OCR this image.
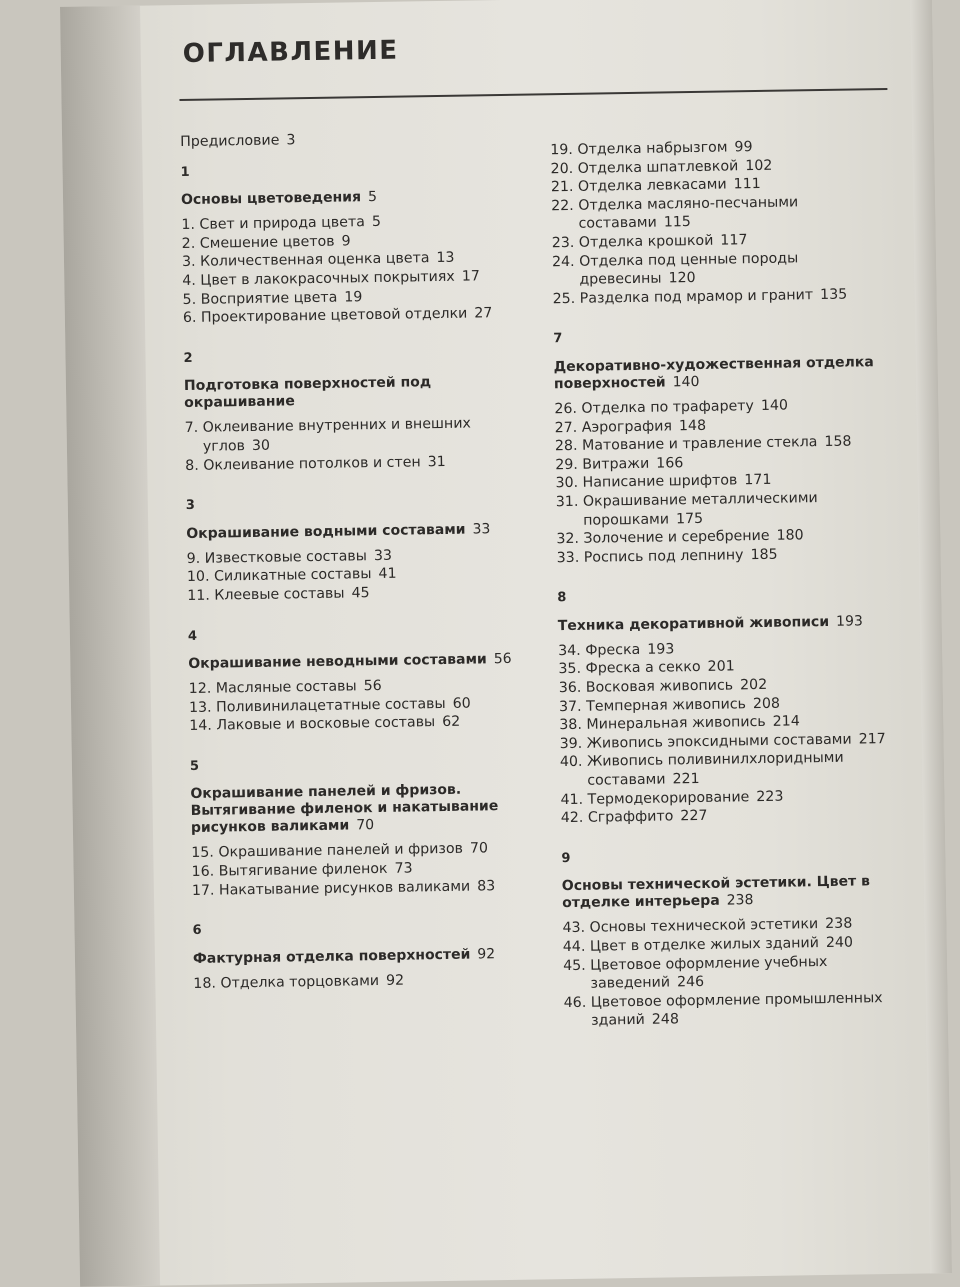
ОГЛАВЛЕНИЕ
Предисловие 3
1
Основы цветоведения 5
1. Свет и природа цвета 5
2. Смешение цветов 9
3. Количественная оценка цвета 13
4. Цвет в лакокрасочных покрытиях 17
5. Восприятие цвета 19
6. Проектирование цветовой отделки 27
2
Подготовка поверхностей под окрашивание
7. Оклеивание внутренних и внешних углов 30
8. Оклеивание потолков и стен 31
3
Окрашивание водными составами 33
9. Известковые составы 33
10. Силикатные составы 41
11. Клеевые составы 45
4
Окрашивание неводными составами 56
12. Масляные составы 56
13. Поливинилацетатные составы 60
14. Лаковые и восковые составы 62
5
Окрашивание панелей и фризов. Вытягивание филенок и накатывание рисунков валиками 70
15. Окрашивание панелей и фризов 70
16. Вытягивание филенок 73
17. Накатывание рисунков валиками 83
6
Фактурная отделка поверхностей 92
18. Отделка торцовками 92
19. Отделка набрызгом 99
20. Отделка шпатлевкой 102
21. Отделка левкасами 111
22. Отделка масляно-песчаными составами 115
23. Отделка крошкой 117
24. Отделка под ценные породы древесины 120
25. Разделка под мрамор и гранит 135
7
Декоративно-художественная отделка поверхностей 140
26. Отделка по трафарету 140
27. Аэрография 148
28. Матование и травление стекла 158
29. Витражи 166
30. Написание шрифтов 171
31. Окрашивание металлическими порошками 175
32. Золочение и серебрение 180
33. Роспись под лепнину 185
8
Техника декоративной живописи 193
34. Фреска 193
35. Фреска а секко 201
36. Восковая живопись 202
37. Темперная живопись 208
38. Минеральная живопись 214
39. Живопись эпоксидными составами 217
40. Живопись поливинилхлоридными составами 221
41. Термодекорирование 223
42. Сграффито 227
9
Основы технической эстетики. Цвет в отделке интерьера 238
43. Основы технической эстетики 238
44. Цвет в отделке жилых зданий 240
45. Цветовое оформление учебных заведений 246
46. Цветовое оформление промышленных зданий 248
